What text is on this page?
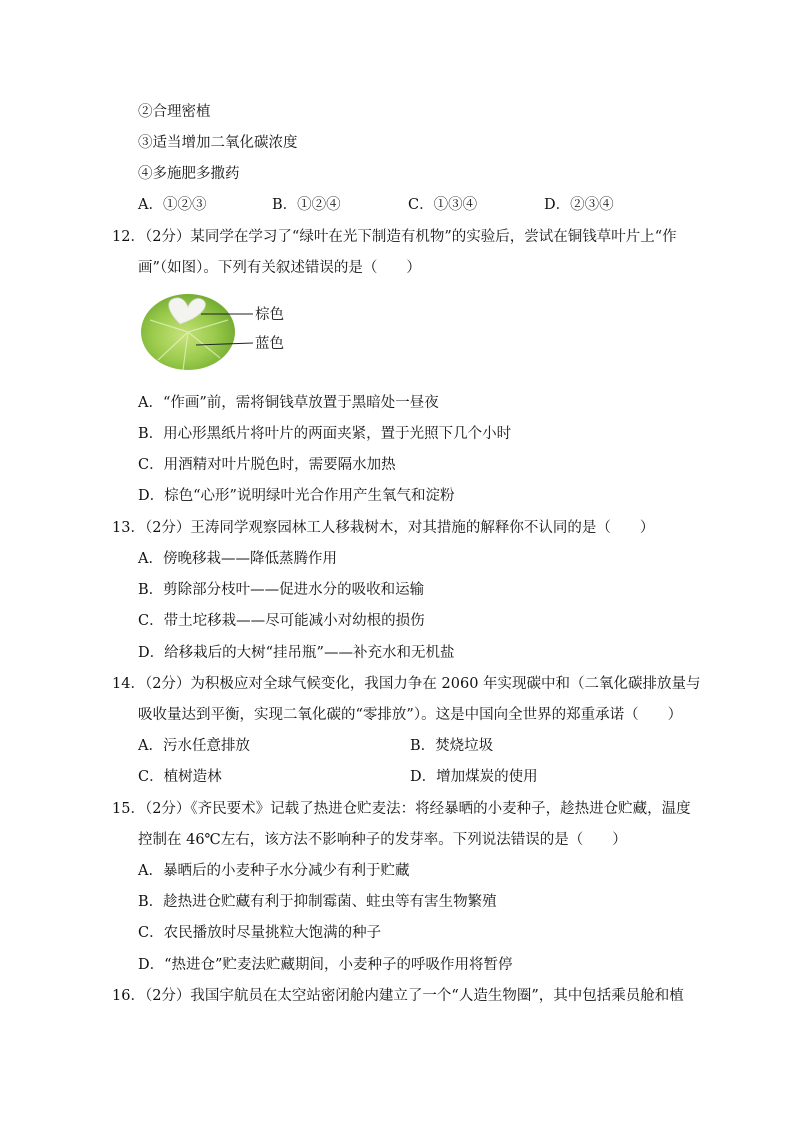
②合理密植
③适当增加二氧化碳浓度
④多施肥多撒药
A．①②③	B．①②④	C．①③④	D．②③④
12．（2分）某同学在学习了“绿叶在光下制造有机物”的实验后，尝试在铜钱草叶片上“作
画”（如图）。下列有关叙述错误的是（　　）
棕色
蓝色
A．“作画”前，需将铜钱草放置于黑暗处一昼夜
B．用心形黑纸片将叶片的两面夹紧，置于光照下几个小时
C．用酒精对叶片脱色时，需要隔水加热
D．棕色“心形”说明绿叶光合作用产生氧气和淀粉
13．（2分）王涛同学观察园林工人移栽树木，对其措施的解释你不认同的是（　　）
A．傍晚移栽——降低蒸腾作用
B．剪除部分枝叶——促进水分的吸收和运输
C．带土坨移栽——尽可能减小对幼根的损伤
D．给移栽后的大树“挂吊瓶”——补充水和无机盐
14．（2分）为积极应对全球气候变化，我国力争在 2060 年实现碳中和（二氧化碳排放量与
吸收量达到平衡，实现二氧化碳的“零排放”）。这是中国向全世界的郑重承诺（　　）
A．污水任意排放	B．焚烧垃圾
C．植树造林	D．增加煤炭的使用
15．（2分）《齐民要术》记载了热进仓贮麦法：将经暴晒的小麦种子，趁热进仓贮藏，温度
控制在 46℃左右，该方法不影响种子的发芽率。下列说法错误的是（　　）
A．暴晒后的小麦种子水分减少有利于贮藏
B．趁热进仓贮藏有利于抑制霉菌、蛀虫等有害生物繁殖
C．农民播放时尽量挑粒大饱满的种子
D．“热进仓”贮麦法贮藏期间，小麦种子的呼吸作用将暂停
16．（2分）我国宇航员在太空站密闭舱内建立了一个“人造生物圈”，其中包括乘员舱和植
